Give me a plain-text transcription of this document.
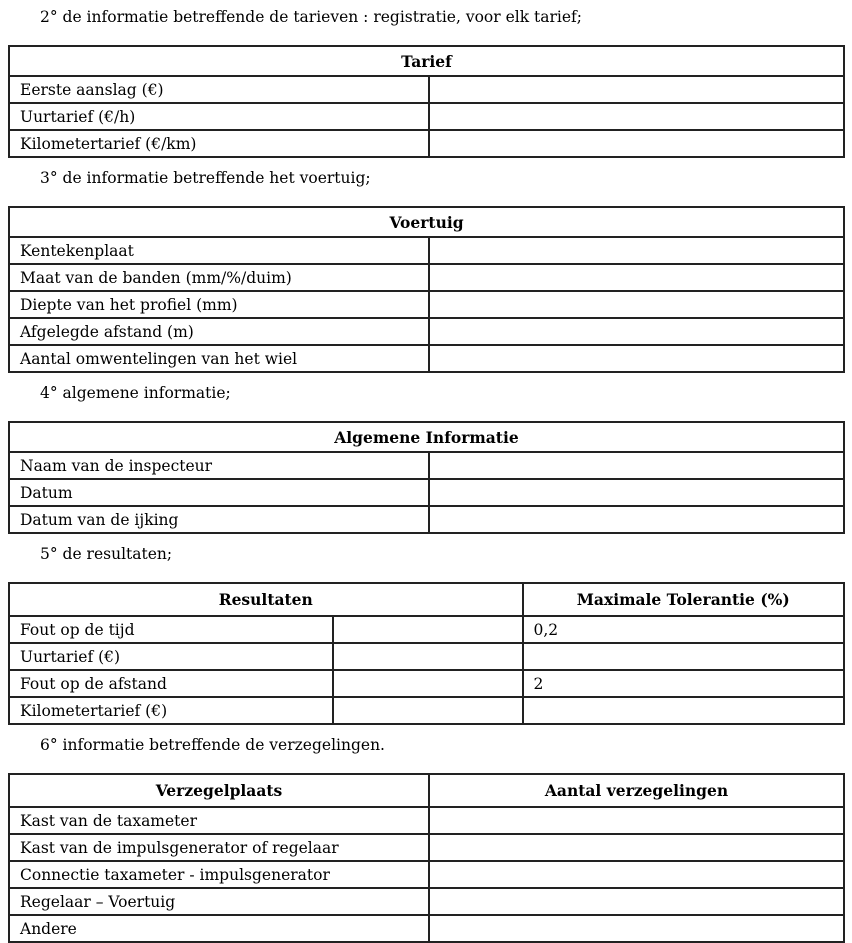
2° de informatie betreffende de tarieven : registratie, voor elk tarief;

Tarief	
Eerste aanslag (€)	
Uurtarief (€/h)	
Kilometertarief (€/km)	

3° de informatie betreffende het voertuig;

Voertuig	
Kentekenplaat	
Maat van de banden (mm/%/duim)	
Diepte van het profiel (mm)	
Afgelegde afstand (m)	
Aantal omwentelingen van het wiel	

4° algemene informatie;

Algemene Informatie	
Naam van de inspecteur	
Datum	
Datum van de ijking	

5° de resultaten;

Resultaten		Maximale Tolerantie (%)
Fout op de tijd		0,2
Uurtarief (€)		
Fout op de afstand		2
Kilometertarief (€)		

6° informatie betreffende de verzegelingen.

Verzegelplaats	Aantal verzegelingen
Kast van de taxameter	
Kast van de impulsgenerator of regelaar	
Connectie taxameter - impulsgenerator	
Regelaar – Voertuig	
Andere	
